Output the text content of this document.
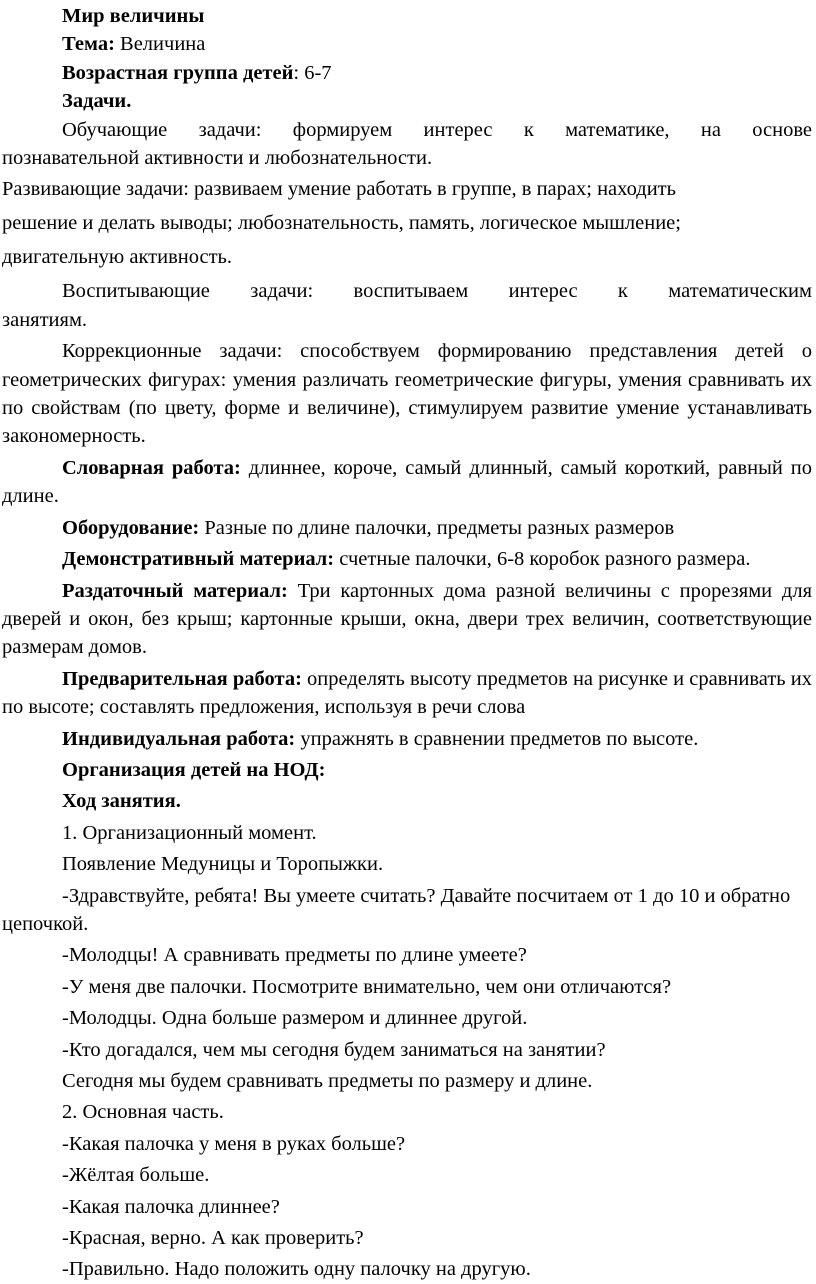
Мир величины

Тема: Величина

Возрастная группа детей: 6-7

Задачи.

Обучающие задачи: формируем интерес к математике, на основе

познавательной активности и любознательности.

Развивающие задачи: развиваем умение работать в группе, в парах; находить

решение и делать выводы; любознательность, память, логическое мышление;

двигательную активность.

Воспитывающие задачи: воспитываем интерес к математическим

занятиям.

Коррекционные задачи: способствуем формированию представления детей о геометрических фигурах: умения различать геометрические фигуры, умения сравнивать их по свойствам (по цвету, форме и величине), стимулируем развитие умение устанавливать закономерность.

Словарная работа: длиннее, короче, самый длинный, самый короткий, равный по длине.

Оборудование: Разные по длине палочки, предметы разных размеров

Демонстративный материал: счетные палочки, 6-8 коробок разного размера.

Раздаточный материал: Три картонных дома разной величины с прорезями для дверей и окон, без крыш; картонные крыши, окна, двери трех величин, соответствующие размерам домов.

Предварительная работа: определять высоту предметов на рисунке и сравнивать их по высоте; составлять предложения, используя в речи слова

Индивидуальная работа: упражнять в сравнении предметов по высоте.

Организация детей на НОД:

Ход занятия.

1. Организационный момент.

Появление Медуницы и Торопыжки.

-Здравствуйте, ребята! Вы умеете считать? Давайте посчитаем от 1 до 10 и обратно цепочкой.

-Молодцы! А сравнивать предметы по длине умеете?

-У меня две палочки. Посмотрите внимательно, чем они отличаются?

-Молодцы. Одна больше размером и длиннее другой.

-Кто догадался, чем мы сегодня будем заниматься на занятии?

Сегодня мы будем сравнивать предметы по размеру и длине.

2. Основная часть.

-Какая палочка у меня в руках больше?

-Жёлтая больше.

-Какая палочка длиннее?

-Красная, верно. А как проверить?

-Правильно. Надо положить одну палочку на другую.
